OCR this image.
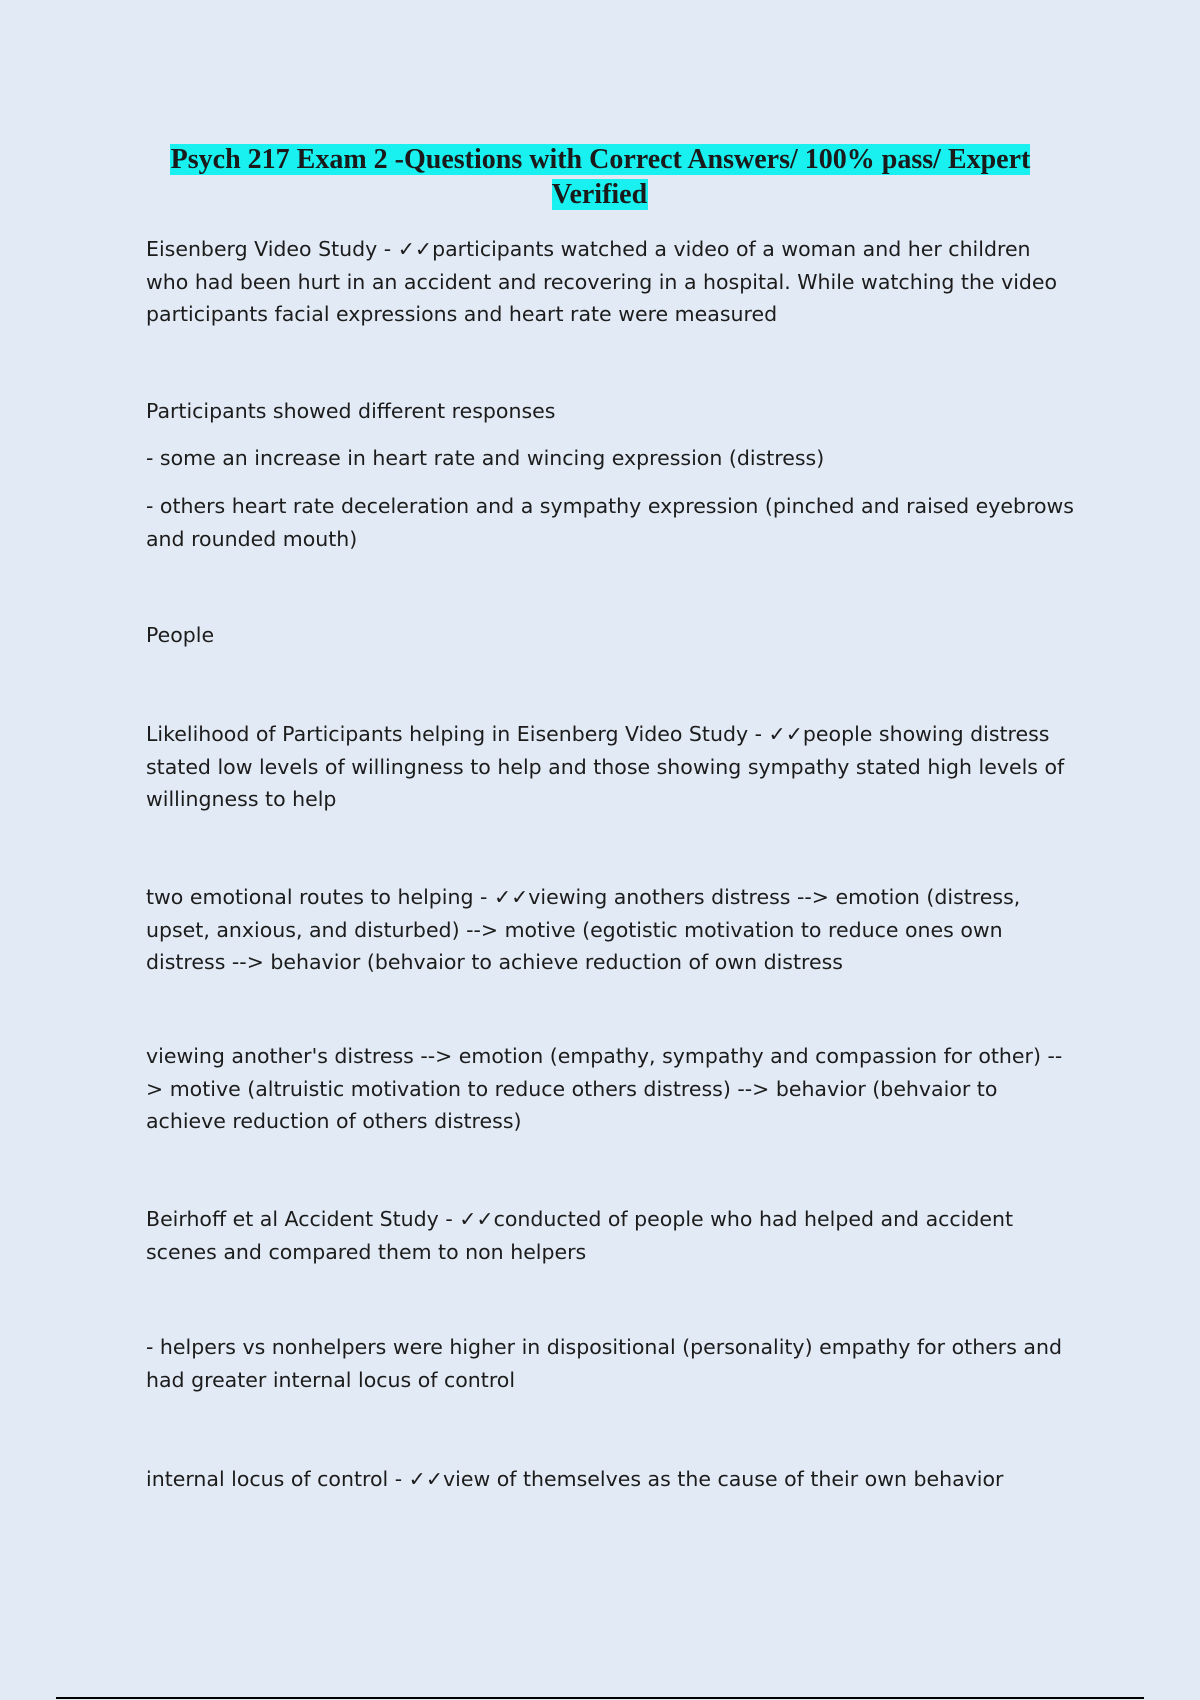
Psych 217 Exam 2 -Questions with Correct Answers/ 100% pass/ Expert Verified
Eisenberg Video Study - ✓✓participants watched a video of a woman and her children who had been hurt in an accident and recovering in a hospital. While watching the video participants facial expressions and heart rate were measured
Participants showed different responses
- some an increase in heart rate and wincing expression (distress)
- others heart rate deceleration and a sympathy expression (pinched and raised eyebrows and rounded mouth)
People
Likelihood of Participants helping in Eisenberg Video Study - ✓✓people showing distress stated low levels of willingness to help and those showing sympathy stated high levels of willingness to help
two emotional routes to helping - ✓✓viewing anothers distress --> emotion (distress, upset, anxious, and disturbed) --> motive (egotistic motivation to reduce ones own distress --> behavior (behvaior to achieve reduction of own distress
viewing another's distress --> emotion (empathy, sympathy and compassion for other) --> motive (altruistic motivation to reduce others distress) --> behavior (behvaior to achieve reduction of others distress)
Beirhoff et al Accident Study - ✓✓conducted of people who had helped and accident scenes and compared them to non helpers
- helpers vs nonhelpers were higher in dispositional (personality) empathy for others and had greater internal locus of control
internal locus of control - ✓✓view of themselves as the cause of their own behavior
